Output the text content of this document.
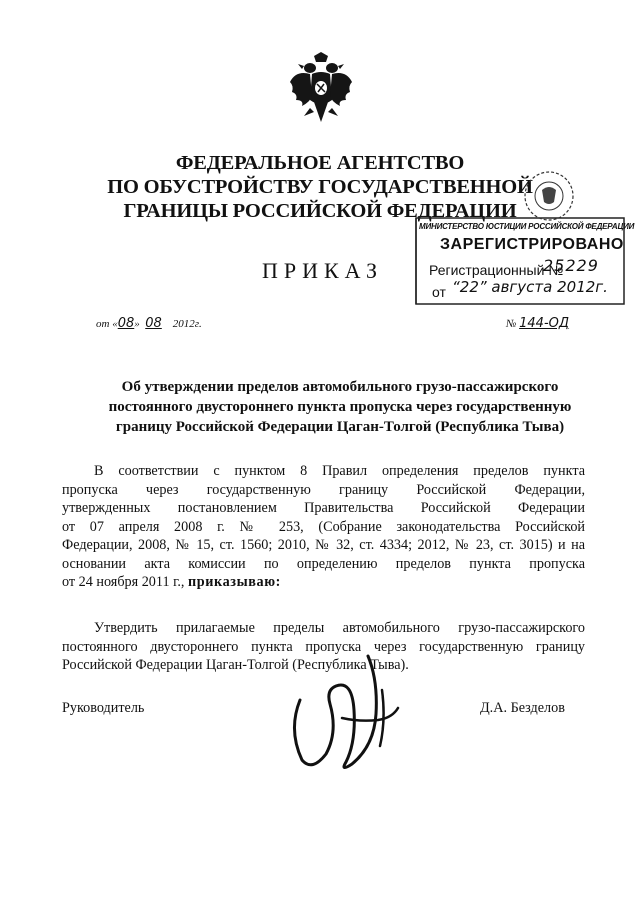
ФЕДЕРАЛЬНОЕ АГЕНТСТВО
ПО ОБУСТРОЙСТВУ ГОСУДАРСТВЕННОЙ
ГРАНИЦЫ РОССИЙСКОЙ ФЕДЕРАЦИИ
МИНИСТЕРСТВО ЮСТИЦИИ РОССИЙСКОЙ ФЕДЕРАЦИИ
ЗАРЕГИСТРИРОВАНО
Регистрационный №
25229
от “22” августа 2012г.
ПРИКАЗ
от «08» 08 2012г.	№ 144-ОД
Об утверждении пределов автомобильного грузо-пассажирского
постоянного двустороннего пункта пропуска через государственную
границу Российской Федерации Цаган-Толгой (Республика Тыва)
В соответствии с пунктом 8 Правил определения пределов пункта
пропуска через государственную границу Российской Федерации,
утвержденных постановлением Правительства Российской Федерации
от 07 апреля 2008 г. № 253, (Собрание законодательства Российской
Федерации, 2008, № 15, ст. 1560; 2010, № 32, ст. 4334; 2012, № 23, ст. 3015) и на
основании акта комиссии по определению пределов пункта пропуска
от 24 ноября 2011 г., приказываю:
Утвердить прилагаемые пределы автомобильного грузо-пассажирского
постоянного двустороннего пункта пропуска через государственную границу
Российской Федерации Цаган-Толгой (Республика Тыва).
Руководитель	Д.А. Безделов
